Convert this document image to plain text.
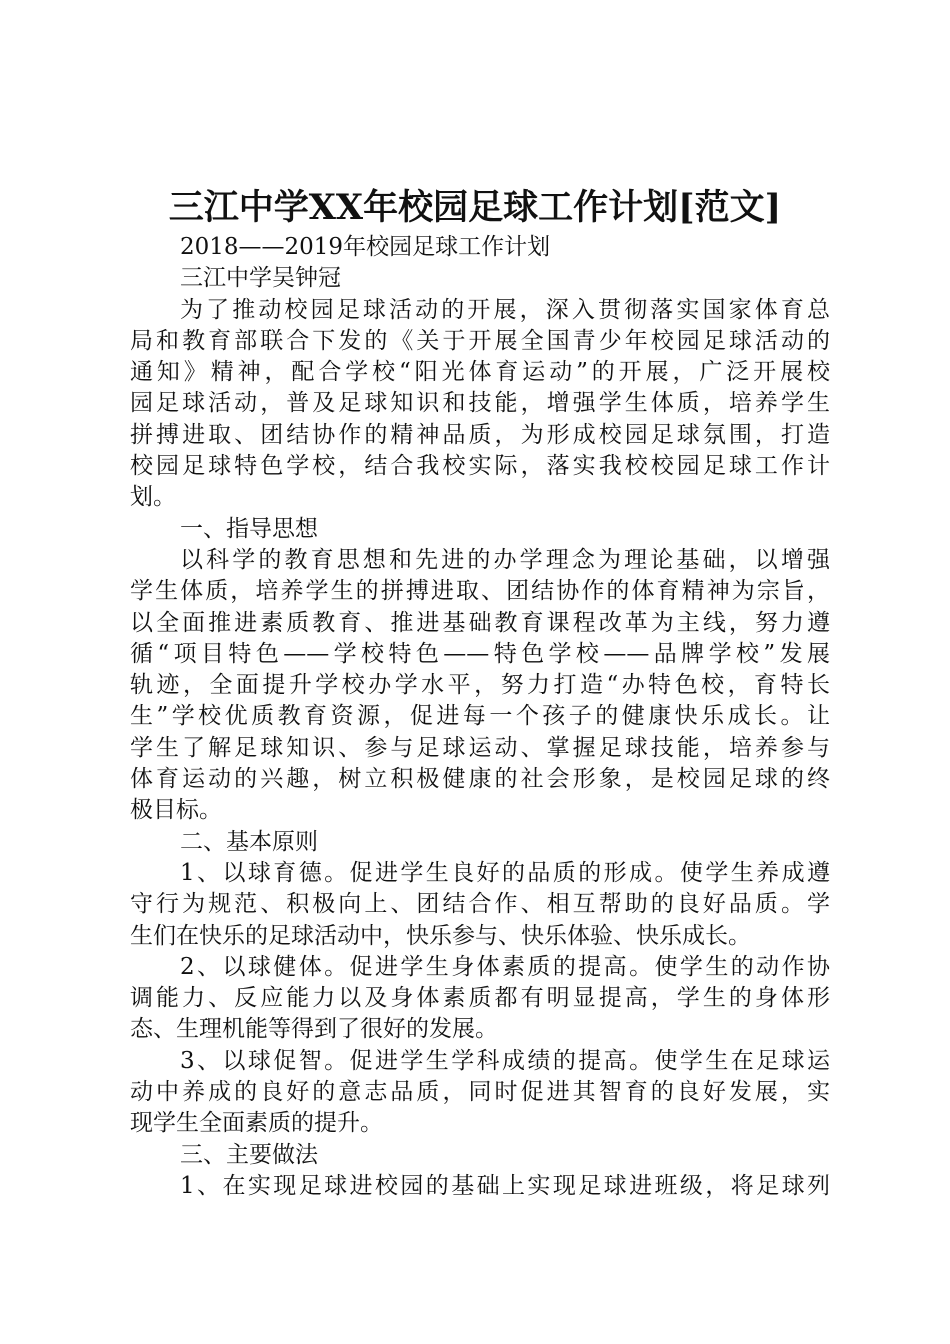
三江中学XX年校园足球工作计划[范文]
2018——2019年校园足球工作计划
三江中学吴钟冠
为了推动校园足球活动的开展，深入贯彻落实国家体育总
局和教育部联合下发的《关于开展全国青少年校园足球活动的
通知》精神，配合学校“阳光体育运动”的开展，广泛开展校
园足球活动，普及足球知识和技能，增强学生体质，培养学生
拼搏进取、团结协作的精神品质，为形成校园足球氛围，打造
校园足球特色学校，结合我校实际，落实我校校园足球工作计
划。
一、指导思想
以科学的教育思想和先进的办学理念为理论基础，以增强
学生体质，培养学生的拼搏进取、团结协作的体育精神为宗旨，
以全面推进素质教育、推进基础教育课程改革为主线，努力遵
循“项目特色——学校特色——特色学校——品牌学校”发展
轨迹，全面提升学校办学水平，努力打造“办特色校，育特长
生”学校优质教育资源，促进每一个孩子的健康快乐成长。让
学生了解足球知识、参与足球运动、掌握足球技能，培养参与
体育运动的兴趣，树立积极健康的社会形象，是校园足球的终
极目标。
二、基本原则
1、以球育德。促进学生良好的品质的形成。使学生养成遵
守行为规范、积极向上、团结合作、相互帮助的良好品质。学
生们在快乐的足球活动中，快乐参与、快乐体验、快乐成长。
2、以球健体。促进学生身体素质的提高。使学生的动作协
调能力、反应能力以及身体素质都有明显提高，学生的身体形
态、生理机能等得到了很好的发展。
3、以球促智。促进学生学科成绩的提高。使学生在足球运
动中养成的良好的意志品质，同时促进其智育的良好发展，实
现学生全面素质的提升。
三、主要做法
1、在实现足球进校园的基础上实现足球进班级，将足球列
